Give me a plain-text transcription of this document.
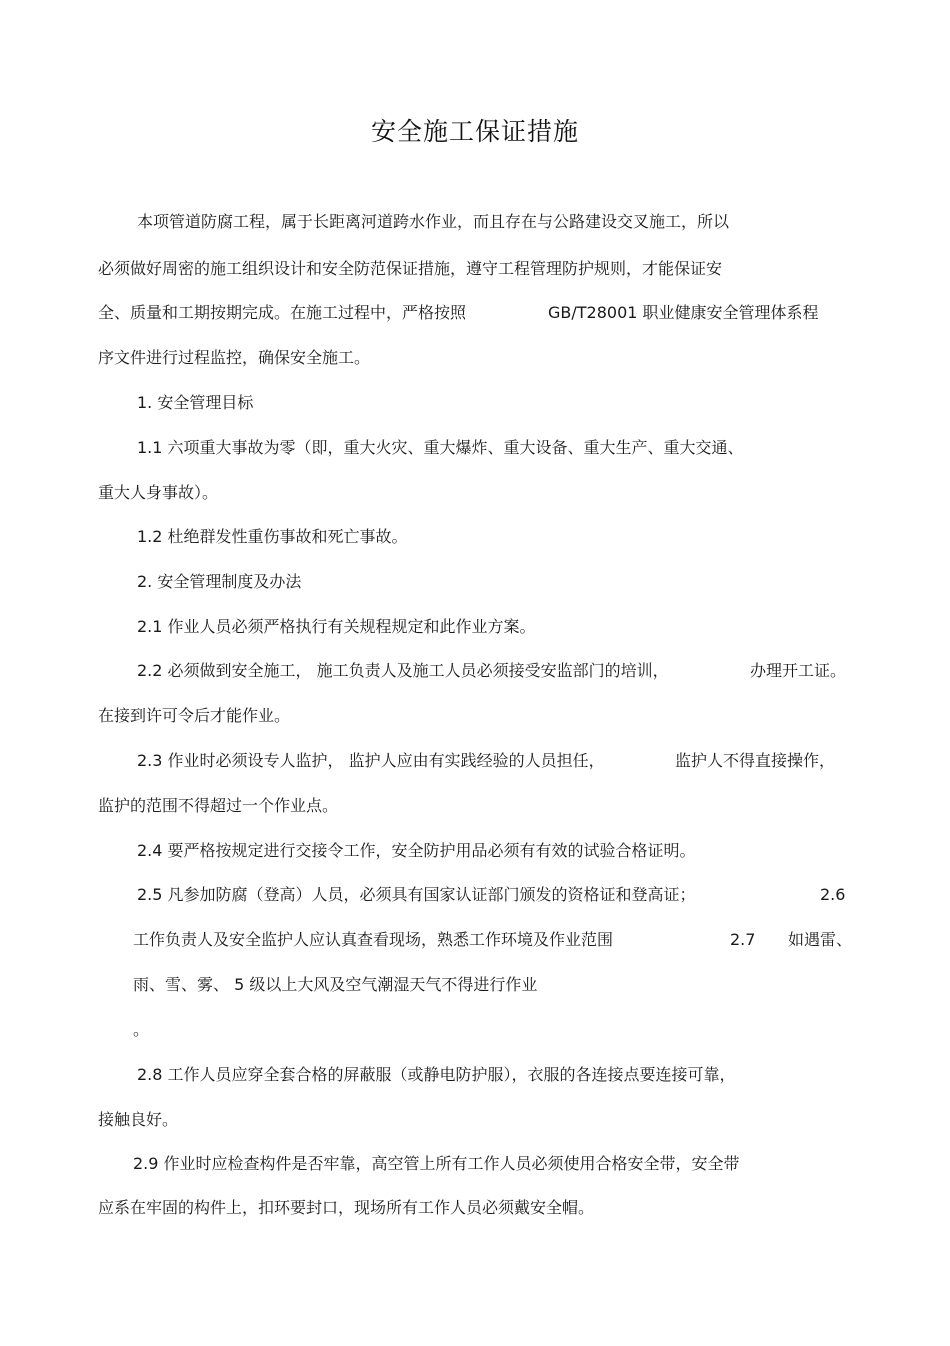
安全施工保证措施
本项管道防腐工程，属于长距离河道跨水作业，而且存在与公路建设交叉施工，所以
必须做好周密的施工组织设计和安全防范保证措施，遵守工程管理防护规则，才能保证安
全、质量和工期按期完成。在施工过程中，严格按照	GB/T28001 职业健康安全管理体系程
序文件进行过程监控，确保安全施工。
1. 安全管理目标
1.1 六项重大事故为零（即，重大火灾、重大爆炸、重大设备、重大生产、重大交通、
重大人身事故）。
1.2 杜绝群发性重伤事故和死亡事故。
2. 安全管理制度及办法
2.1 作业人员必须严格执行有关规程规定和此作业方案。
2.2 必须做到安全施工， 施工负责人及施工人员必须接受安监部门的培训，	办理开工证。
在接到许可令后才能作业。
2.3 作业时必须设专人监护， 监护人应由有实践经验的人员担任，	监护人不得直接操作，
监护的范围不得超过一个作业点。
2.4 要严格按规定进行交接令工作，安全防护用品必须有有效的试验合格证明。
2.5 凡参加防腐（登高）人员，必须具有国家认证部门颁发的资格证和登高证；	2.6
工作负责人及安全监护人应认真查看现场，熟悉工作环境及作业范围	2.7 如遇雷、
雨、雪、雾、 5 级以上大风及空气潮湿天气不得进行作业
。
2.8 工作人员应穿全套合格的屏蔽服（或静电防护服），衣服的各连接点要连接可靠，
接触良好。
2.9 作业时应检查构件是否牢靠，高空管上所有工作人员必须使用合格安全带，安全带
应系在牢固的构件上，扣环要封口，现场所有工作人员必须戴安全帽。
